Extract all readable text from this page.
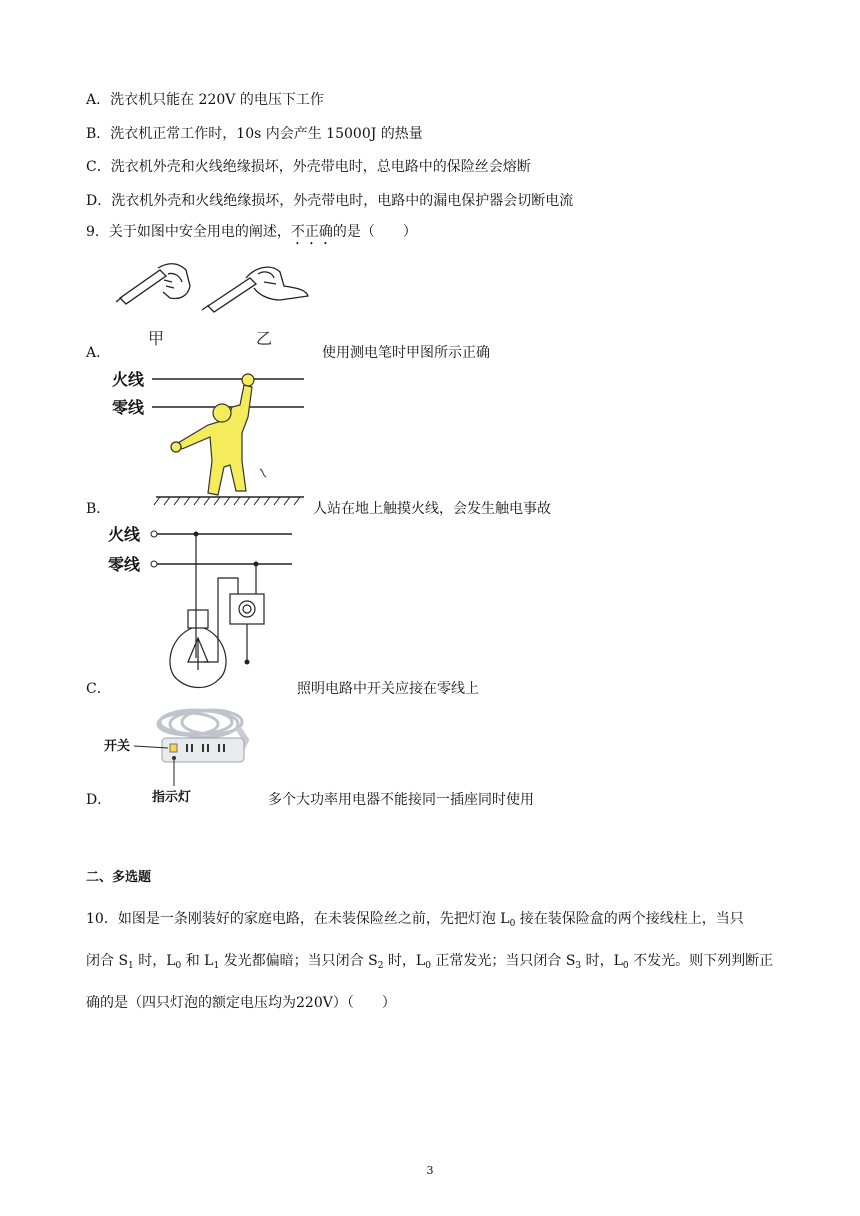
A．洗衣机只能在 220V 的电压下工作
B．洗衣机正常工作时，10s 内会产生 15000J 的热量
C．洗衣机外壳和火线绝缘损坏，外壳带电时，总电路中的保险丝会熔断
D．洗衣机外壳和火线绝缘损坏，外壳带电时，电路中的漏电保护器会切断电流
9．关于如图中安全用电的阐述，不正确的是（　　）
甲	乙
A．	使用测电笔时甲图所示正确
火线
零线
B．	人站在地上触摸火线，会发生触电事故
火线
零线
C．	照明电路中开关应接在零线上
开关
指示灯
D．	多个大功率用电器不能接同一插座同时使用
二、多选题
10．如图是一条刚装好的家庭电路，在未装保险丝之前，先把灯泡 $L_0$ 接在装保险盒的两个接线柱上，当只
闭合 $S_1$ 时，$L_0$ 和 $L_1$ 发光都偏暗；当只闭合 $S_2$ 时，$L_0$ 正常发光；当只闭合 $S_3$ 时，$L_0$ 不发光。则下列判断正
确的是（四只灯泡的额定电压均为220V）（　　）
3
